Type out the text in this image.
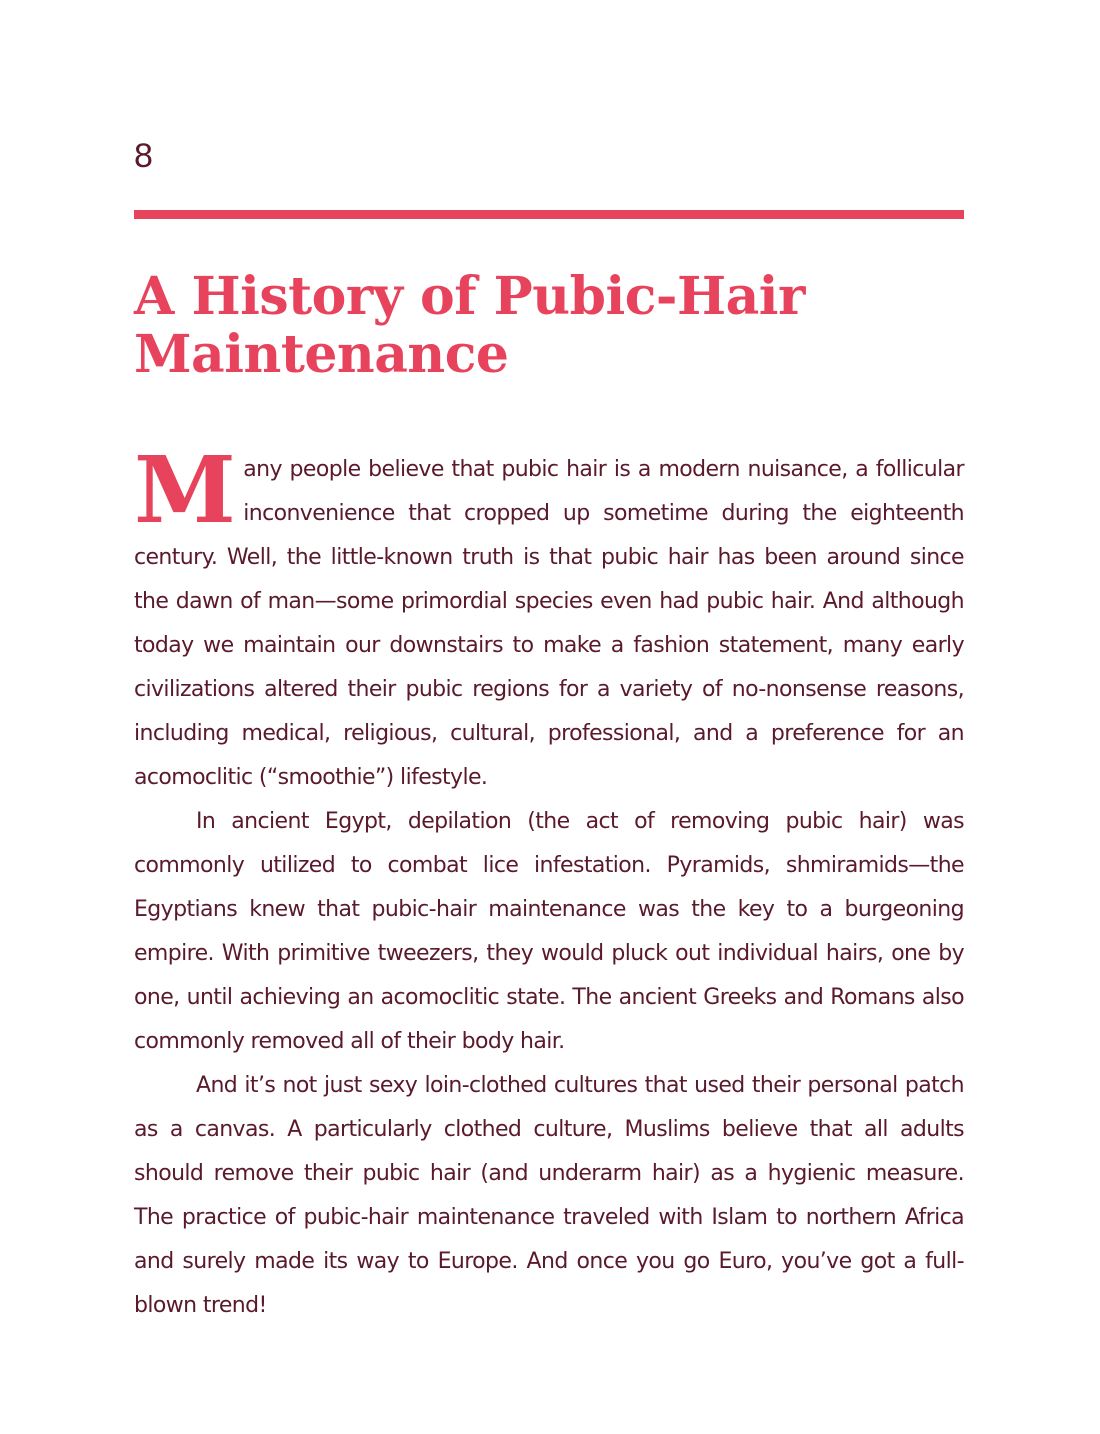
8
A History of Pubic-Hair Maintenance

Many people believe that pubic hair is a modern nuisance, a follicular inconvenience that cropped up sometime during the eighteenth century. Well, the little-known truth is that pubic hair has been around since the dawn of man—some primordial species even had pubic hair. And although today we maintain our downstairs to make a fashion statement, many early civilizations altered their pubic regions for a variety of no-nonsense reasons, including medical, religious, cultural, professional, and a preference for an acomoclitic (“smoothie”) lifestyle.

In ancient Egypt, depilation (the act of removing pubic hair) was commonly utilized to combat lice infestation. Pyramids, shmiramids—the Egyptians knew that pubic-hair maintenance was the key to a burgeoning empire. With primitive tweezers, they would pluck out individual hairs, one by one, until achieving an acomoclitic state. The ancient Greeks and Romans also commonly removed all of their body hair.

And it’s not just sexy loin-clothed cultures that used their personal patch as a canvas. A particularly clothed culture, Muslims believe that all adults should remove their pubic hair (and underarm hair) as a hygienic measure. The practice of pubic-hair maintenance traveled with Islam to northern Africa and surely made its way to Europe. And once you go Euro, you’ve got a full-blown trend!
